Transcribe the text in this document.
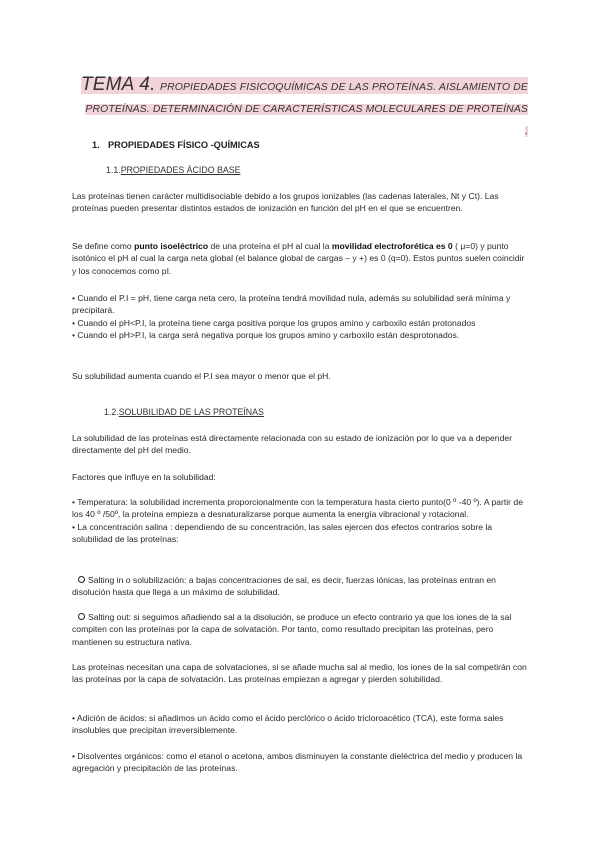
TEMA 4. PROPIEDADES FISICOQUÍMICAS DE LAS PROTEÍNAS. AISLAMIENTO DE
PROTEÍNAS. DETERMINACIÓN DE CARACTERÍSTICAS MOLECULARES DE PROTEÍNAS .
1. PROPIEDADES FÍSICO -QUÍMICAS
1.1.PROPIEDADES ÁCIDO BASE

Las proteínas tienen carácter multidisociable debido a los grupos ionizables (las cadenas laterales, Nt y Ct). Las proteínas pueden presentar distintos estados de ionización en función del pH en el que se encuentren.

Se define como punto isoeléctrico de una proteína el pH al cual la movilidad electroforética es 0 ( μ=0) y punto isotónico el pH al cual la carga neta global (el balance global de cargas – y +) es 0 (q=0). Estos puntos suelen coincidir y los conocemos como pI.

• Cuando el P.I = pH, tiene carga neta cero, la proteína tendrá movilidad nula, además su solubilidad será mínima y precipitará.
• Cuando el pH<P.I, la proteína tiene carga positiva porque los grupos amino y carboxilo están protonados
• Cuando el pH>P.I, la carga será negativa porque los grupos amino y carboxilo están desprotonados.

Su solubilidad aumenta cuando el P.I sea mayor o menor que el pH.

1.2.SOLUBILIDAD DE LAS PROTEÍNAS

La solubilidad de las proteínas está directamente relacionada con su estado de ionización por lo que va a depender directamente del pH del medio.

Factores que influye en la solubilidad:

• Temperatura: la solubilidad incrementa proporcionalmente con la temperatura hasta cierto punto(0 º -40 º). A partir de los 40 º /50º, la proteína empieza a desnaturalizarse porque aumenta la energía vibracional y rotacional.
• La concentración salina : dependiendo de su concentración, las sales ejercen dos efectos contrarios sobre la solubilidad de las proteínas:

Salting in o solubilización: a bajas concentraciones de sal, es decir, fuerzas iónicas, las proteínas entran en disolución hasta que llega a un máximo de solubilidad.

Salting out: si seguimos añadiendo sal a la disolución, se produce un efecto contrario ya que los iones de la sal compiten con las proteínas por la capa de solvatación. Por tanto, como resultado precipitan las proteínas, pero mantienen su estructura nativa.

Las proteínas necesitan una capa de solvataciones, si se añade mucha sal al medio, los iones de la sal competirán con las proteínas por la capa de solvatación. Las proteínas empiezan a agregar y pierden solubilidad.

• Adición de ácidos: si añadimos un ácido como el ácido perclórico o ácido tricloroacético (TCA), este forma sales insolubles que precipitan irreversiblemente.

• Disolventes orgánicos: como el etanol o acetona, ambos disminuyen la constante dieléctrica del medio y producen la agregación y precipitación de las proteínas.
